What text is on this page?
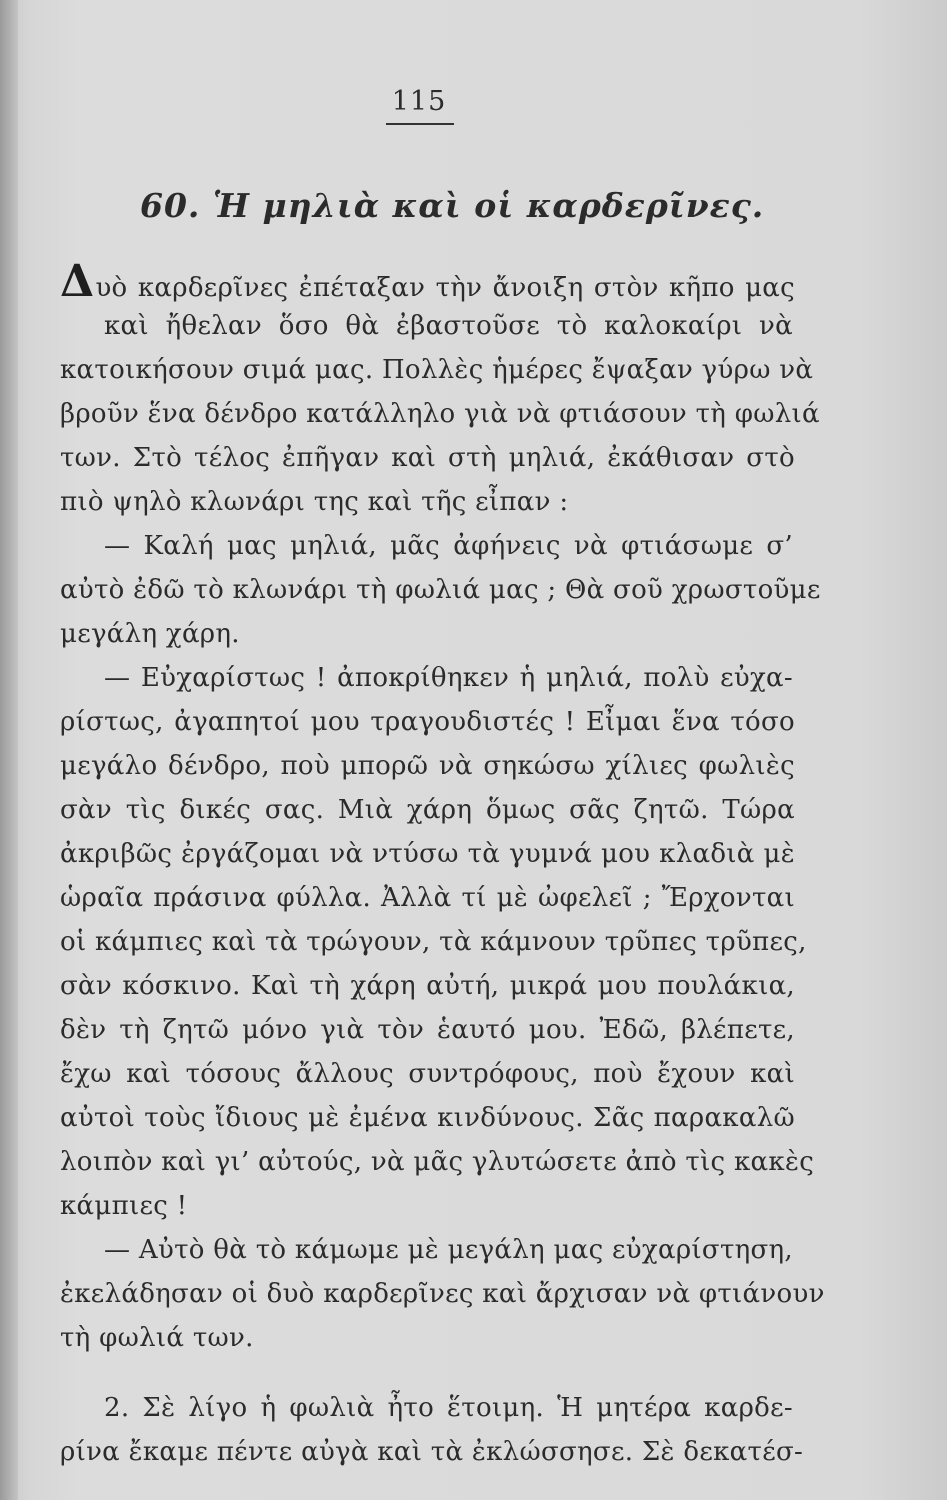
115
60. Ἡ μηλιὰ καὶ οἱ καρδερῖνες.
Δυὸ καρδερῖνες ἐπέταξαν τὴν ἄνοιξη στὸν κῆπο μας
καὶ ἤθελαν ὅσο θὰ ἐβαστοῦσε τὸ καλοκαίρι νὰ
κατοικήσουν σιμά μας. Πολλὲς ἡμέρες ἔψαξαν γύρω νὰ
βροῦν ἕνα δένδρο κατάλληλο γιὰ νὰ φτιάσουν τὴ φωλιά
των. Στὸ τέλος ἐπῆγαν καὶ στὴ μηλιά, ἐκάθισαν στὸ
πιὸ ψηλὸ κλωνάρι της καὶ τῆς εἶπαν :
— Καλή μας μηλιά, μᾶς ἀφήνεις νὰ φτιάσωμε σ’
αὐτὸ ἐδῶ τὸ κλωνάρι τὴ φωλιά μας ; Θὰ σοῦ χρωστοῦμε
μεγάλη χάρη.
— Εὐχαρίστως ! ἀποκρίθηκεν ἡ μηλιά, πολὺ εὐχα-
ρίστως, ἀγαπητοί μου τραγουδιστές ! Εἶμαι ἕνα τόσο
μεγάλο δένδρο, ποὺ μπορῶ νὰ σηκώσω χίλιες φωλιὲς
σὰν τὶς δικές σας. Μιὰ χάρη ὅμως σᾶς ζητῶ. Τώρα
ἀκριβῶς ἐργάζομαι νὰ ντύσω τὰ γυμνά μου κλαδιὰ μὲ
ὡραῖα πράσινα φύλλα. Ἀλλὰ τί μὲ ὠφελεῖ ; Ἔρχονται
οἱ κάμπιες καὶ τὰ τρώγουν, τὰ κάμνουν τρῦπες τρῦπες,
σὰν κόσκινο. Καὶ τὴ χάρη αὐτή, μικρά μου πουλάκια,
δὲν τὴ ζητῶ μόνο γιὰ τὸν ἑαυτό μου. Ἐδῶ, βλέπετε,
ἔχω καὶ τόσους ἄλλους συντρόφους, ποὺ ἔχουν καὶ
αὐτοὶ τοὺς ἴδιους μὲ ἐμένα κινδύνους. Σᾶς παρακαλῶ
λοιπὸν καὶ γι’ αὐτούς, νὰ μᾶς γλυτώσετε ἀπὸ τὶς κακὲς
κάμπιες !
— Αὐτὸ θὰ τὸ κάμωμε μὲ μεγάλη μας εὐχαρίστηση,
ἐκελάδησαν οἱ δυὸ καρδερῖνες καὶ ἄρχισαν νὰ φτιάνουν
τὴ φωλιά των.
2. Σὲ λίγο ἡ φωλιὰ ἦτο ἕτοιμη. Ἡ μητέρα καρδε-
ρίνα ἔκαμε πέντε αὐγὰ καὶ τὰ ἐκλώσσησε. Σὲ δεκατέσ-
